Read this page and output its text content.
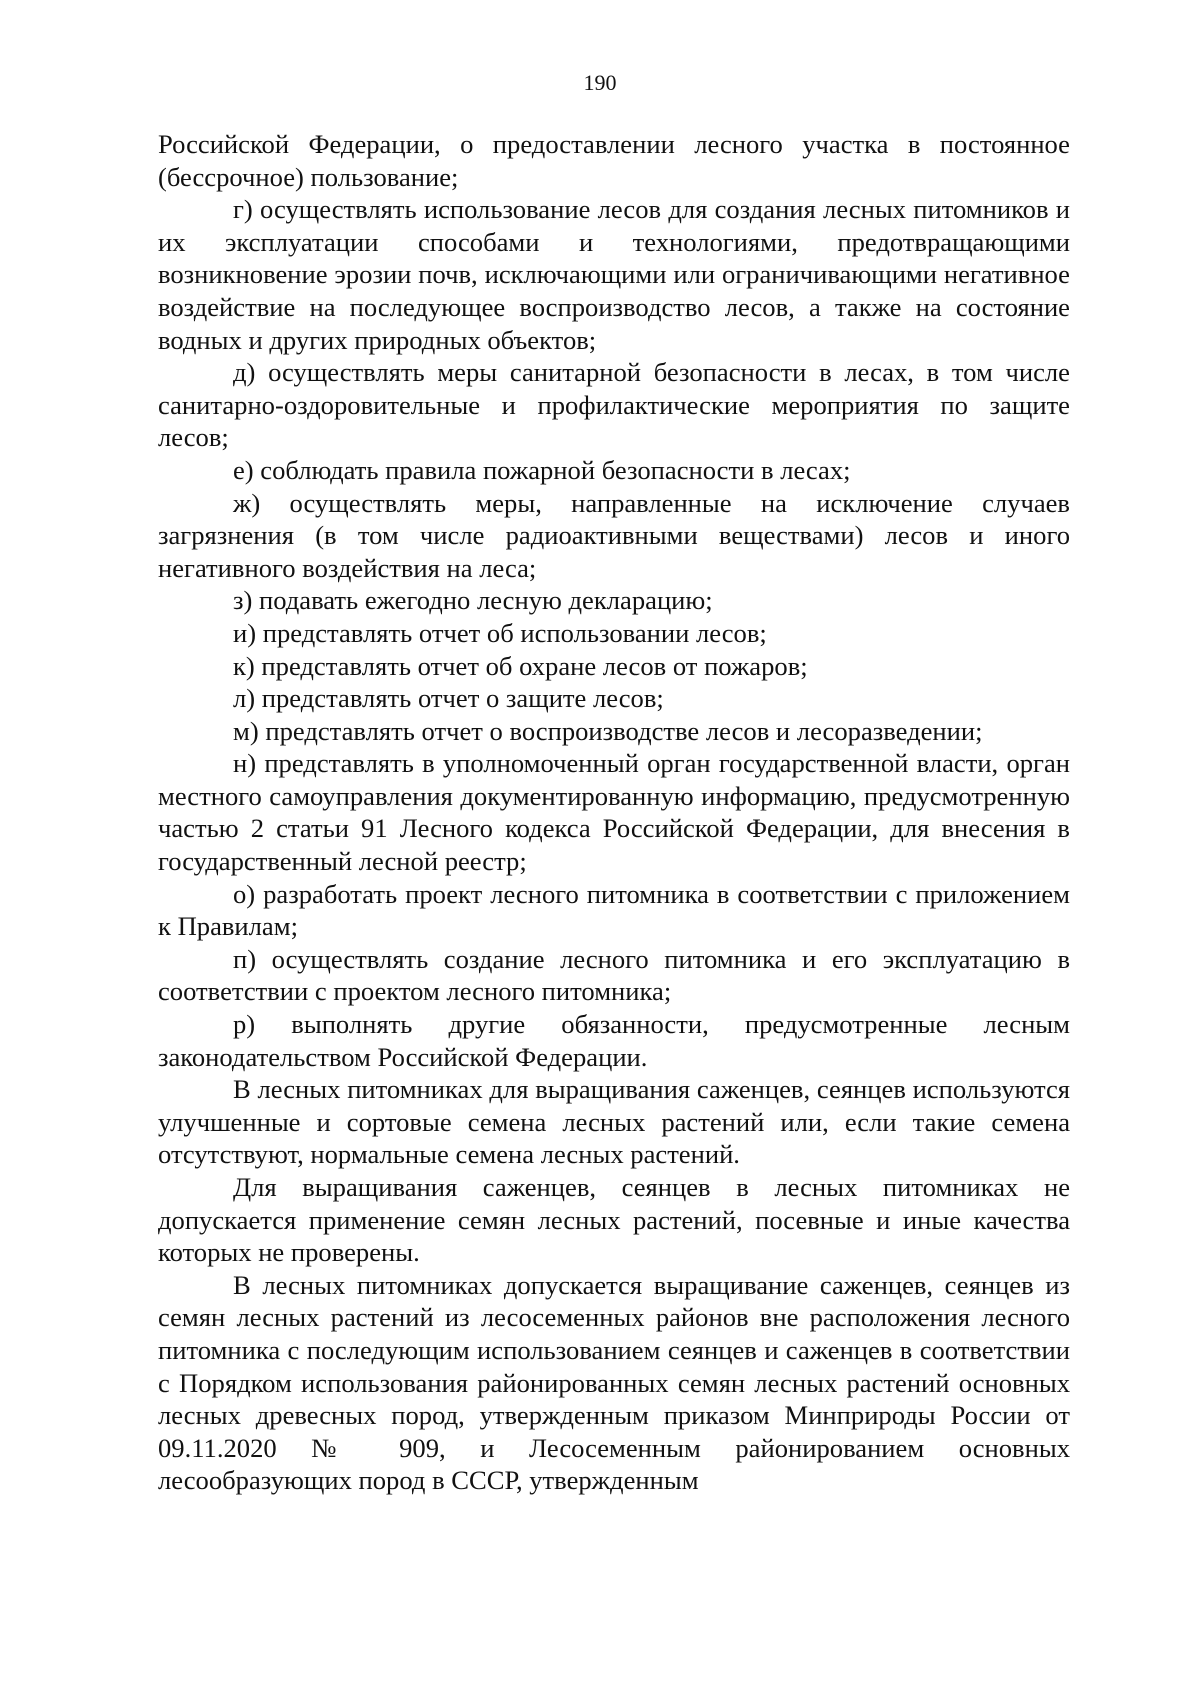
190

Российской Федерации, о предоставлении лесного участка в постоянное (бессрочное) пользование;

г) осуществлять использование лесов для создания лесных питомников и их эксплуатации способами и технологиями, предотвращающими возникновение эрозии почв, исключающими или ограничивающими негативное воздействие на последующее воспроизводство лесов, а также на состояние водных и других природных объектов;

д) осуществлять меры санитарной безопасности в лесах, в том числе санитарно-оздоровительные и профилактические мероприятия по защите лесов;

е) соблюдать правила пожарной безопасности в лесах;

ж) осуществлять меры, направленные на исключение случаев загрязнения (в том числе радиоактивными веществами) лесов и иного негативного воздействия на леса;

з) подавать ежегодно лесную декларацию;

и) представлять отчет об использовании лесов;

к) представлять отчет об охране лесов от пожаров;

л) представлять отчет о защите лесов;

м) представлять отчет о воспроизводстве лесов и лесоразведении;

н) представлять в уполномоченный орган государственной власти, орган местного самоуправления документированную информацию, предусмотренную частью 2 статьи 91 Лесного кодекса Российской Федерации, для внесения в государственный лесной реестр;

о) разработать проект лесного питомника в соответствии с приложением к Правилам;

п) осуществлять создание лесного питомника и его эксплуатацию в соответствии с проектом лесного питомника;

р) выполнять другие обязанности, предусмотренные лесным законодательством Российской Федерации.

В лесных питомниках для выращивания саженцев, сеянцев используются улучшенные и сортовые семена лесных растений или, если такие семена отсутствуют, нормальные семена лесных растений.

Для выращивания саженцев, сеянцев в лесных питомниках не допускается применение семян лесных растений, посевные и иные качества которых не проверены.

В лесных питомниках допускается выращивание саженцев, сеянцев из семян лесных растений из лесосеменных районов вне расположения лесного питомника с последующим использованием сеянцев и саженцев в соответствии с Порядком использования районированных семян лесных растений основных лесных древесных пород, утвержденным приказом Минприроды России от 09.11.2020 № 909, и Лесосеменным районированием основных лесообразующих пород в СССР, утвержденным
